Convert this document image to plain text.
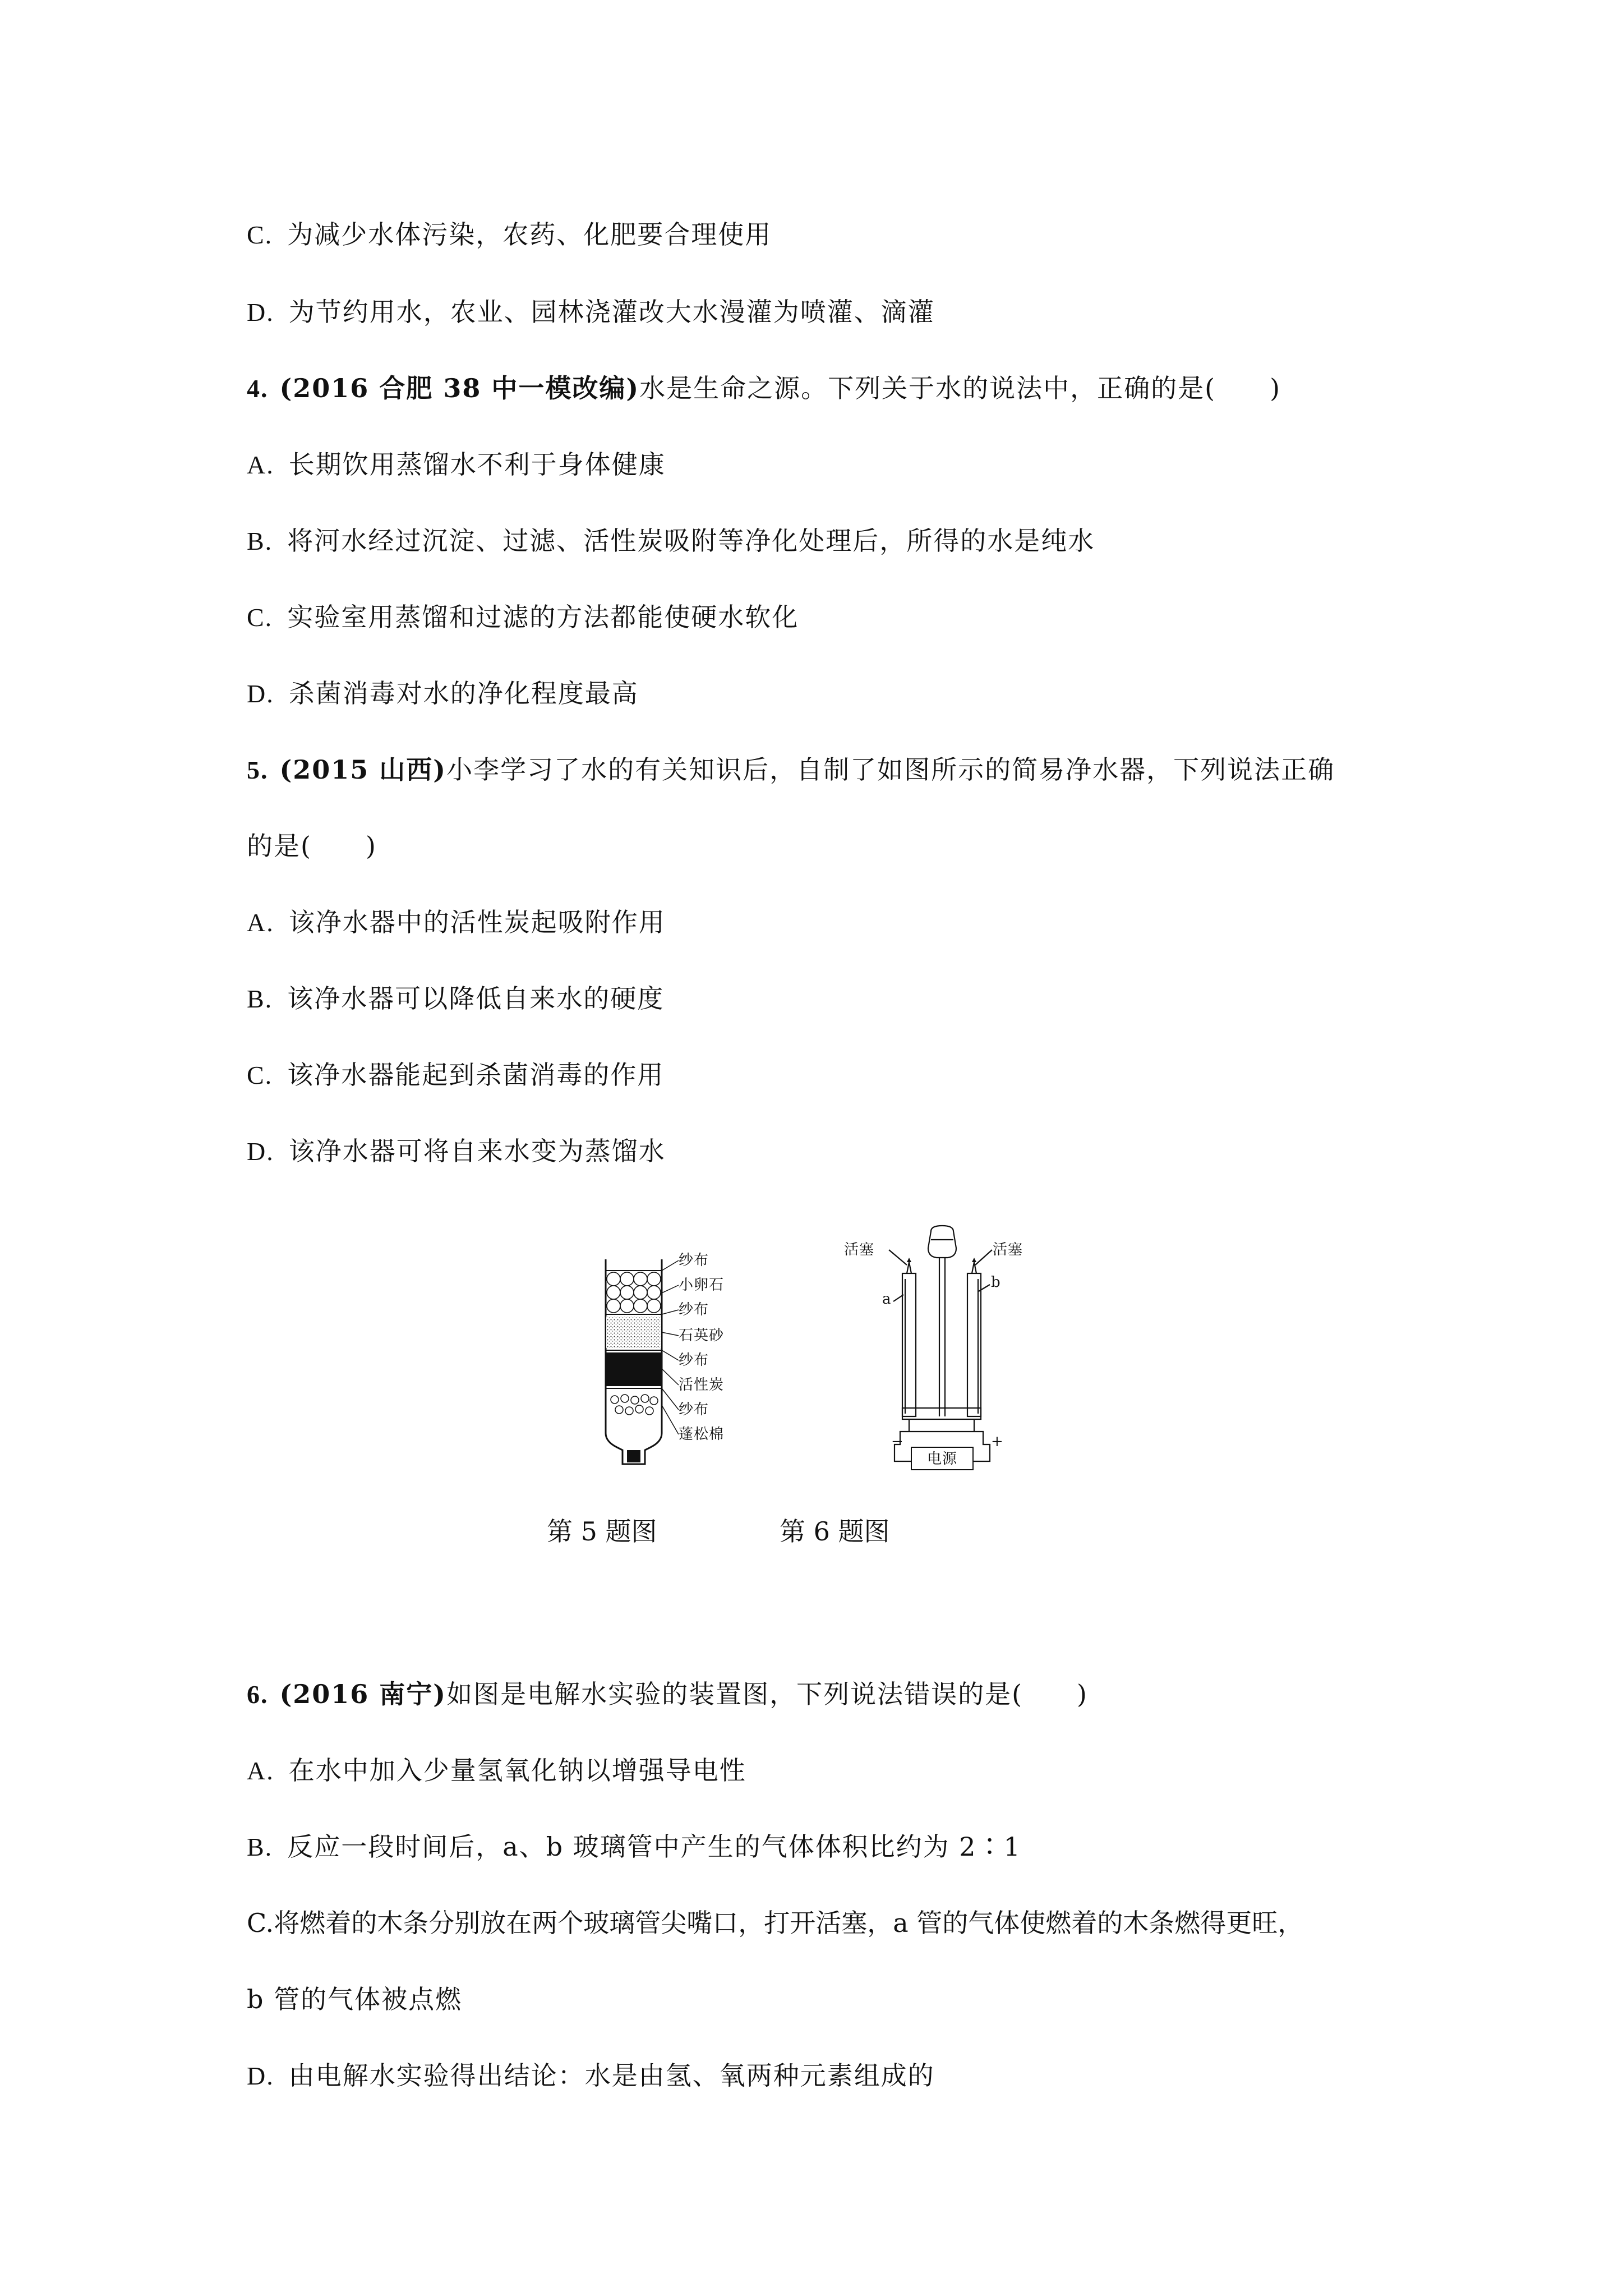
C. 为减少水体污染，农药、化肥要合理使用
D. 为节约用水，农业、园林浇灌改大水漫灌为喷灌、滴灌
4. (2016 合肥 38 中一模改编)水是生命之源。下列关于水的说法中，正确的是(　　)
A. 长期饮用蒸馏水不利于身体健康
B. 将河水经过沉淀、过滤、活性炭吸附等净化处理后，所得的水是纯水
C. 实验室用蒸馏和过滤的方法都能使硬水软化
D. 杀菌消毒对水的净化程度最高
5. (2015 山西)小李学习了水的有关知识后，自制了如图所示的简易净水器，下列说法正确
的是(　　)
A. 该净水器中的活性炭起吸附作用
B. 该净水器可以降低自来水的硬度
C. 该净水器能起到杀菌消毒的作用
D. 该净水器可将自来水变为蒸馏水
纱布
小卵石
纱布
石英砂
纱布
活性炭
纱布
蓬松棉
活塞	活塞
a
b
−	+
电源
第 5 题图	第 6 题图
6. (2016 南宁)如图是电解水实验的装置图，下列说法错误的是(　　)
A. 在水中加入少量氢氧化钠以增强导电性
B. 反应一段时间后，a、b 玻璃管中产生的气体体积比约为 2∶1
C.将燃着的木条分别放在两个玻璃管尖嘴口，打开活塞，a 管的气体使燃着的木条燃得更旺，
b 管的气体被点燃
D. 由电解水实验得出结论：水是由氢、氧两种元素组成的
